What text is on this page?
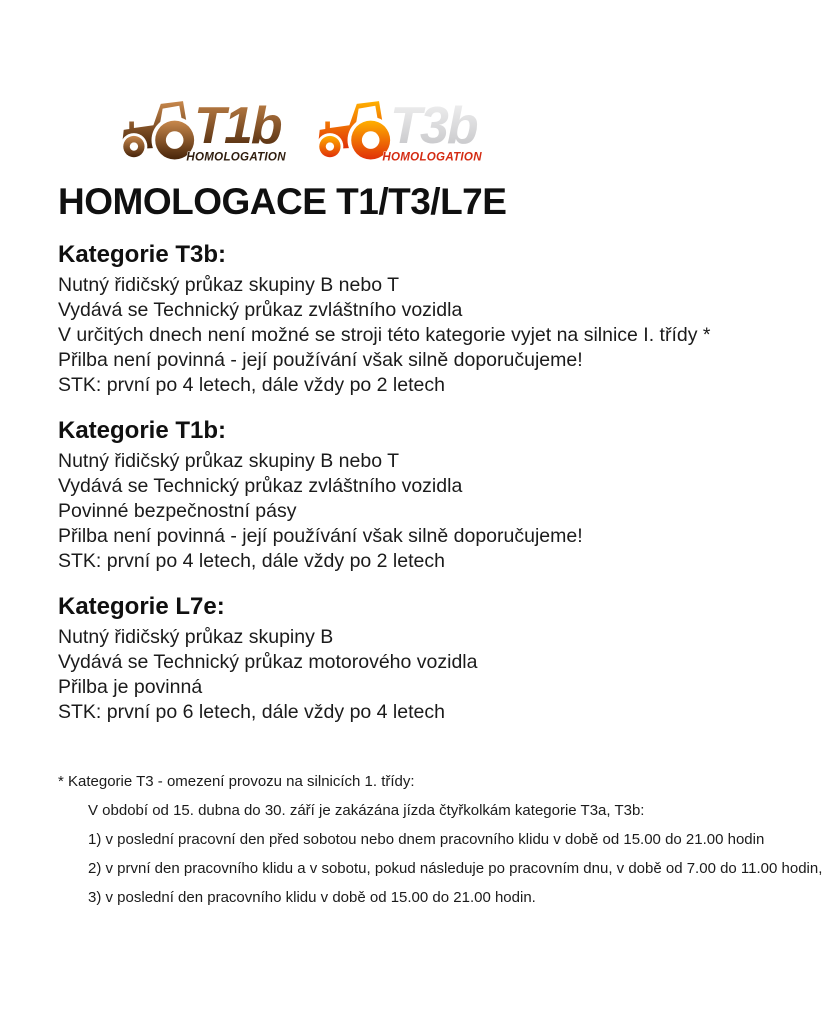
T1b
HOMOLOGATION
T3b
HOMOLOGATION
HOMOLOGACE T1/T3/L7E
Kategorie T3b:

Nutný řidičský průkaz skupiny B nebo T

Vydává se Technický průkaz zvláštního vozidla

V určitých dnech není možné se stroji této kategorie vyjet na silnice I. třídy *

Přilba není povinná - její používání však silně doporučujeme!

STK: první po 4 letech, dále vždy po 2 letech

Kategorie T1b:

Nutný řidičský průkaz skupiny B nebo T

Vydává se Technický průkaz zvláštního vozidla

Povinné bezpečnostní pásy

Přilba není povinná - její používání však silně doporučujeme!

STK: první po 4 letech, dále vždy po 2 letech

Kategorie L7e:

Nutný řidičský průkaz skupiny B

Vydává se Technický průkaz motorového vozidla

Přilba je povinná

STK: první po 6 letech, dále vždy po 4 letech

* Kategorie T3 - omezení provozu na silnicích 1. třídy:

V období od 15. dubna do 30. září je zakázána jízda čtyřkolkám kategorie T3a, T3b:

1) v poslední pracovní den před sobotou nebo dnem pracovního klidu v době od 15.00 do 21.00 hodin

2) v první den pracovního klidu a v sobotu, pokud následuje po pracovním dnu, v době od 7.00 do 11.00 hodin,

3) v poslední den pracovního klidu v době od 15.00 do 21.00 hodin.
